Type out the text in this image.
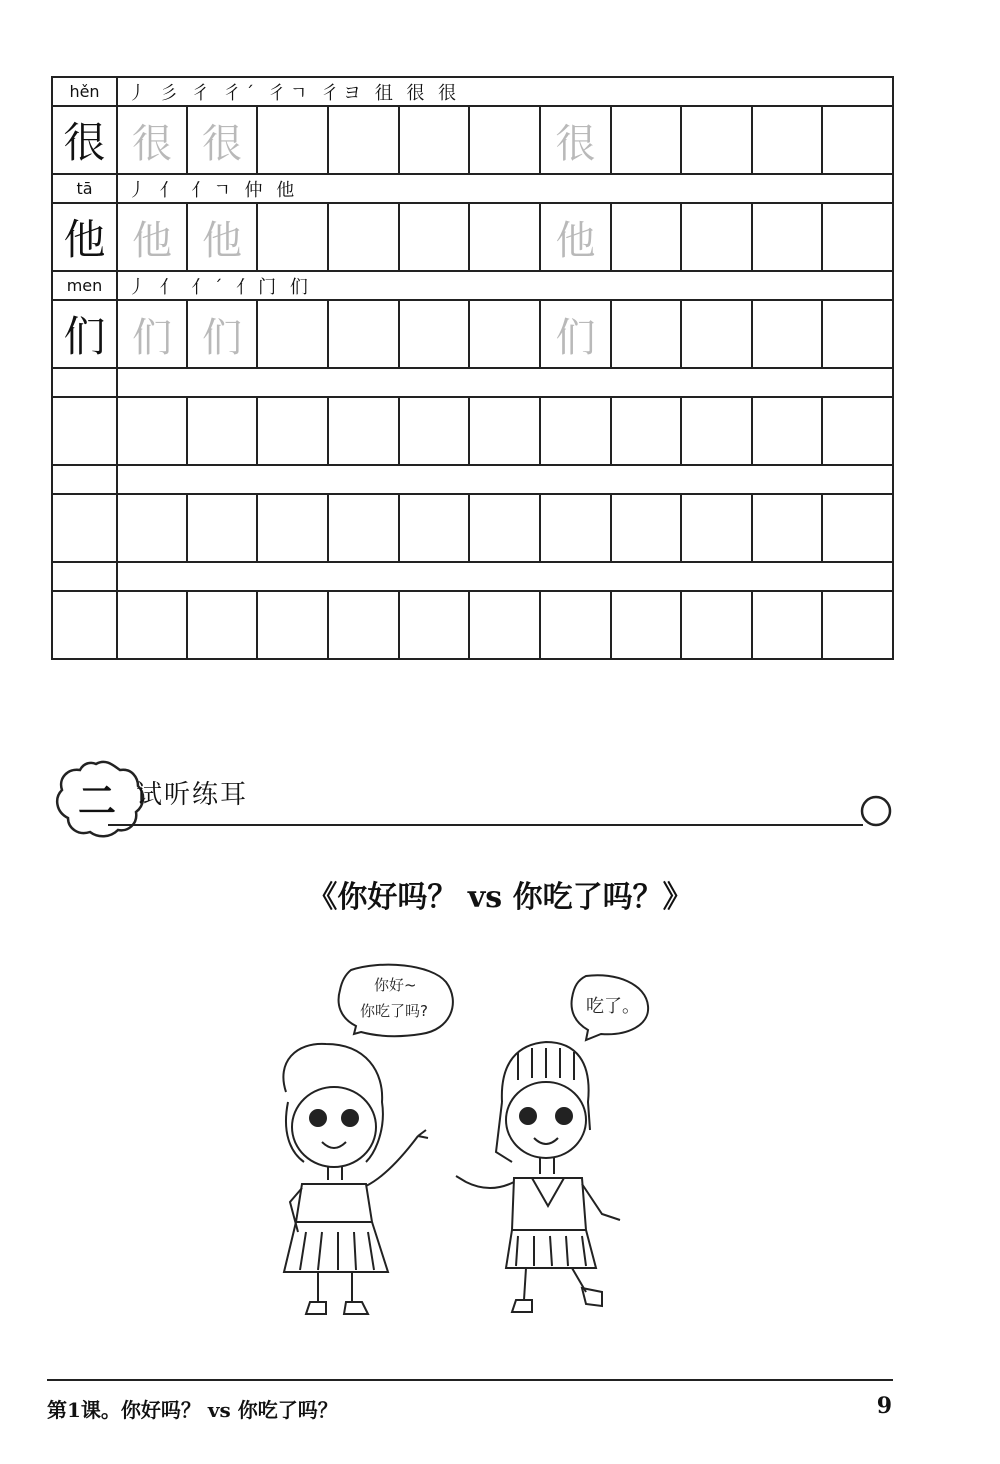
hěn	丿 彡 彳 彳ˊ 彳ㄱ 彳ヨ 徂 很 很										
很	很	很					很				
tā	丿 亻 亻ㄱ 仲 他										
他	他	他					他				
men	丿 亻 亻ˊ 亻门 们										
们	们	们					们				

二 试听练耳
《你好吗？ vs 你吃了吗？》
你好~
你吃了吗?	吃了。
第1课。你好吗？ vs 你吃了吗？	9
